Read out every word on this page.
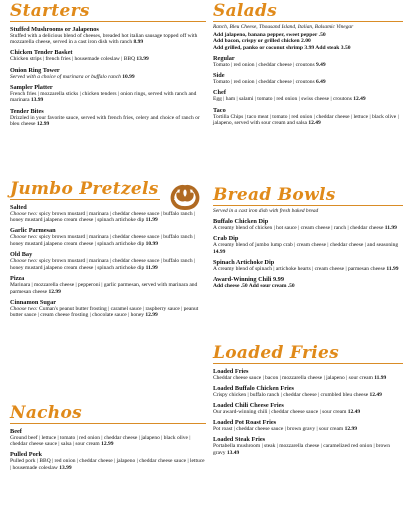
Starters
Stuffed Mushrooms or Jalapenos
Stuffed with a delicious blend of cheeses, breaded hot italian sausage topped off with mozzarella cheese, served in a cast iron dish with ranch 8.99
Chicken Tender Basket
Chicken strips | french fries | housemade coleslaw | BBQ 13.99
Onion Ring Tower
Served with a choice of marinara or buffalo ranch 10.99
Sampler Platter
French fries | mozzarella sticks | chicken tenders | onion rings, served with ranch and marinara 13.99
Tender Bites
Drizzled in your favorite sauce, served with french fries, celery and choice of ranch or bleu cheese 12.99
Jumbo Pretzels
Salted
Choose two: spicy brown mustard | marinara | cheddar cheese sauce | buffalo ranch | honey mustard jalapeno cream cheese | spinach artichoke dip 11.99
Garlic Parmesan
Choose two: spicy brown mustard | marinara | cheddar cheese sauce | buffalo ranch | honey mustard jalapeno cream cheese | spinach artichoke dip 10.99
Old Bay
Choose two: spicy brown mustard | marinara | cheddar cheese sauce | buffalo ranch | honey mustard jalapeno cream cheese | spinach artichoke dip 11.99
Pizza
Marinara | mozzarella cheese | pepperoni | garlic parmesan, served with marinara and parmesan cheese 12.99
Cinnamon Sugar
Choose two: Cuman's peanut butter frosting | caramel sauce | raspberry sauce | peanut butter sauce | cream cheese frosting | chocolate sauce | honey 12.99
Nachos
Beef
Ground beef | lettuce | tomato | red onion | cheddar cheese | jalapeno | black olive | cheddar cheese sauce | salsa | sour cream 12.99
Pulled Pork
Pulled pork | BBQ | red onion | cheddar cheese | jalapeno | cheddar cheese sauce | lettuce | housemade coleslaw 13.99
Salads
Ranch, Bleu Cheese, Thousand Island, Italian, Balsamic Vinegar
Add jalapeno, banana pepper, sweet pepper .50
Add bacon, crispy or grilled chicken 2.00
Add grilled, panko or coconut shrimp 3.99 Add steak 3.50
Regular
Tomato | red onion | cheddar cheese | croutons 9.49
Side
Tomato | red onion | cheddar cheese | croutons 6.49
Chef
Egg | ham | salami | tomato | red onion | swiss cheese | croutons 12.49
Taco
Tortilla Chips | taco meat | tomato | red onion | cheddar cheese | lettuce | black olive | jalapeno, served with sour cream and salsa 12.49
Bread Bowls
Served in a cast iron dish with fresh baked bread
Buffalo Chicken Dip
A creamy blend of chicken | hot sauce | cream cheese | ranch | cheddar cheese 11.99
Crab Dip
A creamy blend of jumbo lump crab | cream cheese | cheddar cheese | and seasoning 14.99
Spinach Artichoke Dip
A creamy blend of spinach | artichoke hearts | cream cheese | parmesan cheese 11.99
Award-Winning Chili 9.99
Add cheese .50 Add sour cream .50
Loaded Fries
Loaded Fries
Cheddar cheese sauce | bacon | mozzarella cheese | jalapeno | sour cream 11.99
Loaded Buffalo Chicken Fries
Crispy chicken | buffalo ranch | cheddar cheese | crumbled bleu cheese 12.49
Loaded Chili Cheese Fries
Our award-winning chili | cheddar cheese sauce | sour cream 12.49
Loaded Pot Roast Fries
Pot roast | cheddar cheese sauce | brown gravy | sour cream 12.99
Loaded Steak Fries
Portabella mushroom | steak | mozzarella cheese | caramelized red onion | brown gravy 13.49
